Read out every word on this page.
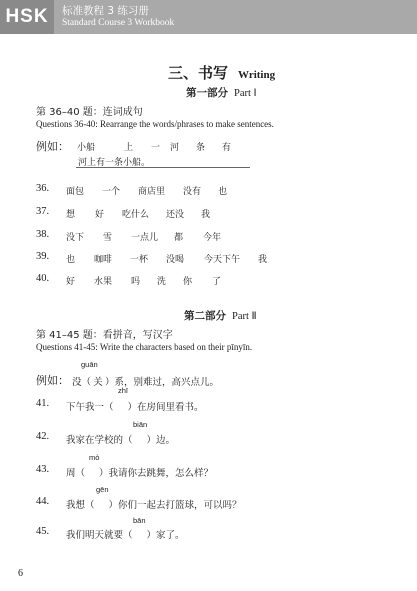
HSK	标准教程 3 练习册
Standard Course 3 Workbook
三、书写 Writing
第一部分 Part Ⅰ
第 36–40 题：连词成句
Questions 36-40: Rearrange the words/phrases to make sentences.
例如： 小船	上 一 河 条 有
河上有一条小船。
36. 面包 一个 商店里 没有 也
37. 想 好 吃什么 还没 我
38. 没下 雪 一点儿 都 今年
39. 也 咖啡 一杯 没喝 今天下午 我
40. 好 水果 吗 洗 你 了
第二部分 Part Ⅱ
第 41–45 题：看拼音，写汉字
Questions 41-45: Write the characters based on their pīnyīn.
guān
例如： 没（ 关 ）系，别难过，高兴点儿。
zhī
41. 下午我一（ ）在房间里看书。
biān
42. 我家在学校的（ ）边。
mò
43. 周（ ）我请你去跳舞，怎么样？
gēn
44. 我想（ ）你们一起去打篮球，可以吗？
bān
45. 我们明天就要（ ）家了。
6
